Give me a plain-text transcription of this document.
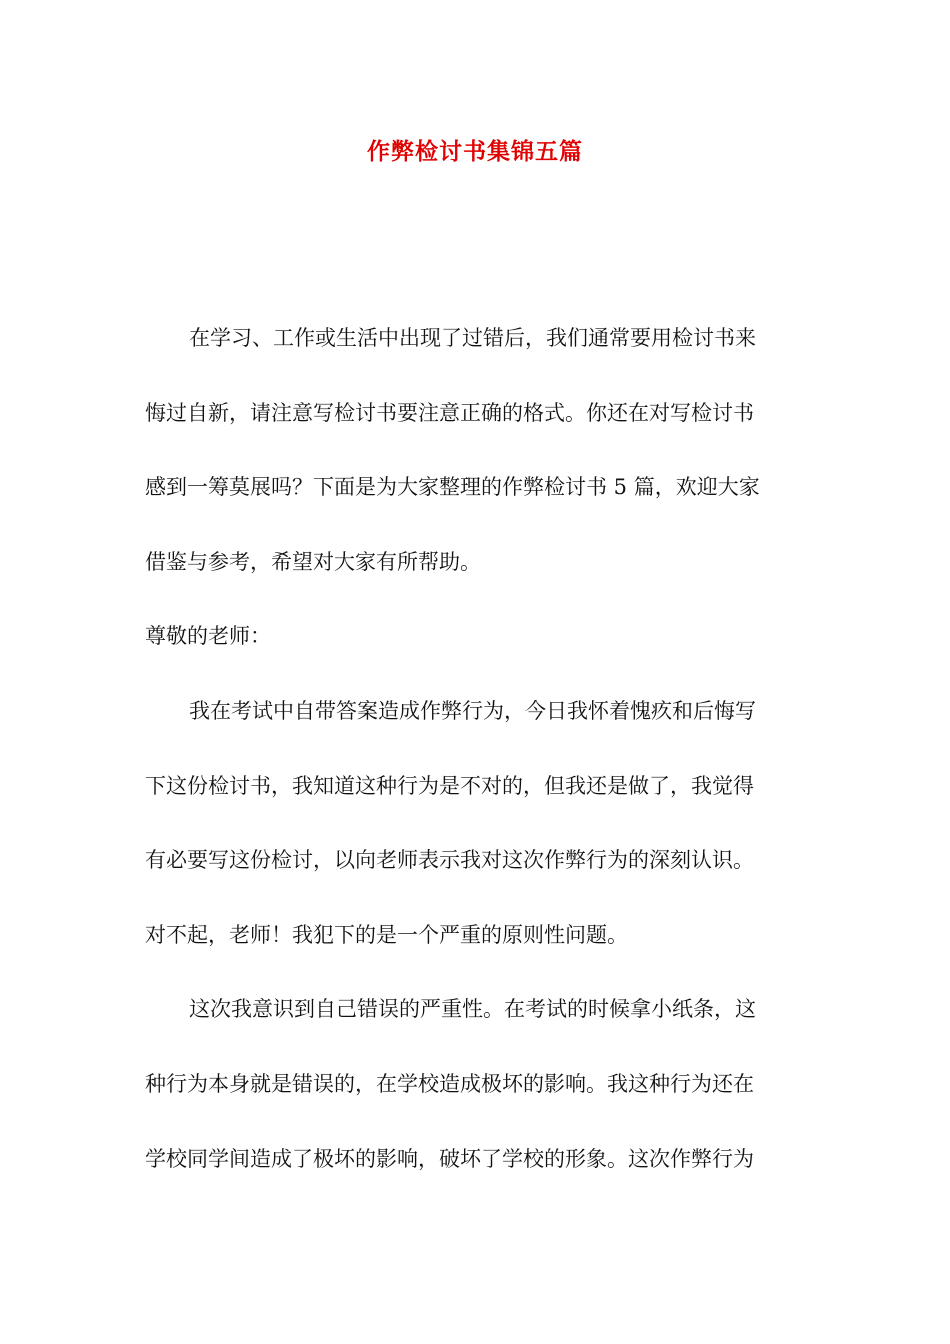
作弊检讨书集锦五篇
在学习、工作或生活中出现了过错后，我们通常要用检讨书来
悔过自新，请注意写检讨书要注意正确的格式。你还在对写检讨书
感到一筹莫展吗？下面是为大家整理的作弊检讨书 5 篇，欢迎大家
借鉴与参考，希望对大家有所帮助。
尊敬的老师：
我在考试中自带答案造成作弊行为，今日我怀着愧疚和后悔写
下这份检讨书，我知道这种行为是不对的，但我还是做了，我觉得
有必要写这份检讨，以向老师表示我对这次作弊行为的深刻认识。
对不起，老师！我犯下的是一个严重的原则性问题。
这次我意识到自己错误的严重性。在考试的时候拿小纸条，这
种行为本身就是错误的，在学校造成极坏的影响。我这种行为还在
学校同学间造成了极坏的影响，破坏了学校的形象。这次作弊行为
